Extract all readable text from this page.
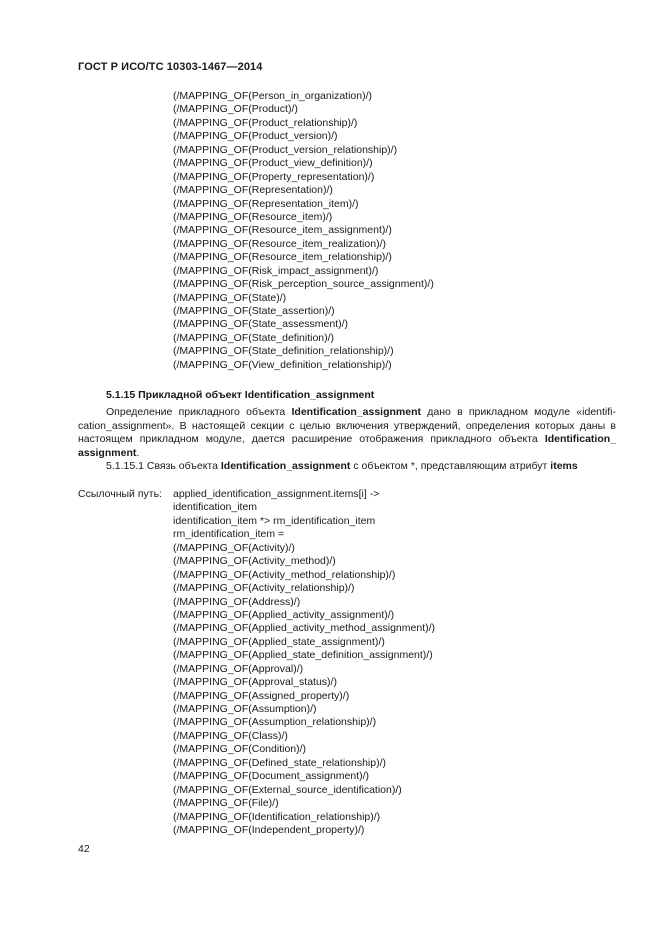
ГОСТ Р ИСО/ТС 10303-1467—2014
(/MAPPING_OF(Person_in_organization)/)
(/MAPPING_OF(Product)/)
(/MAPPING_OF(Product_relationship)/)
(/MAPPING_OF(Product_version)/)
(/MAPPING_OF(Product_version_relationship)/)
(/MAPPING_OF(Product_view_definition)/)
(/MAPPING_OF(Property_representation)/)
(/MAPPING_OF(Representation)/)
(/MAPPING_OF(Representation_item)/)
(/MAPPING_OF(Resource_item)/)
(/MAPPING_OF(Resource_item_assignment)/)
(/MAPPING_OF(Resource_item_realization)/)
(/MAPPING_OF(Resource_item_relationship)/)
(/MAPPING_OF(Risk_impact_assignment)/)
(/MAPPING_OF(Risk_perception_source_assignment)/)
(/MAPPING_OF(State)/)
(/MAPPING_OF(State_assertion)/)
(/MAPPING_OF(State_assessment)/)
(/MAPPING_OF(State_definition)/)
(/MAPPING_OF(State_definition_relationship)/)
(/MAPPING_OF(View_definition_relationship)/)
5.1.15 Прикладной объект Identification_assignment
Определение прикладного объекта Identification_assignment дано в прикладном модуле «identifi-cation_assignment». В настоящей секции с целью включения утверждений, определения которых даны в настоящем прикладном модуле, дается расширение отображения прикладного объекта Identification_ assignment.
5.1.15.1 Связь объекта Identification_assignment с объектом *, представляющим атрибут items
Ссылочный путь: applied_identification_assignment.items[i] ->
identification_item
identification_item *> rm_identification_item
rm_identification_item =
(/MAPPING_OF(Activity)/)
(/MAPPING_OF(Activity_method)/)
(/MAPPING_OF(Activity_method_relationship)/)
(/MAPPING_OF(Activity_relationship)/)
(/MAPPING_OF(Address)/)
(/MAPPING_OF(Applied_activity_assignment)/)
(/MAPPING_OF(Applied_activity_method_assignment)/)
(/MAPPING_OF(Applied_state_assignment)/)
(/MAPPING_OF(Applied_state_definition_assignment)/)
(/MAPPING_OF(Approval)/)
(/MAPPING_OF(Approval_status)/)
(/MAPPING_OF(Assigned_property)/)
(/MAPPING_OF(Assumption)/)
(/MAPPING_OF(Assumption_relationship)/)
(/MAPPING_OF(Class)/)
(/MAPPING_OF(Condition)/)
(/MAPPING_OF(Defined_state_relationship)/)
(/MAPPING_OF(Document_assignment)/)
(/MAPPING_OF(External_source_identification)/)
(/MAPPING_OF(File)/)
(/MAPPING_OF(Identification_relationship)/)
(/MAPPING_OF(Independent_property)/)
42
